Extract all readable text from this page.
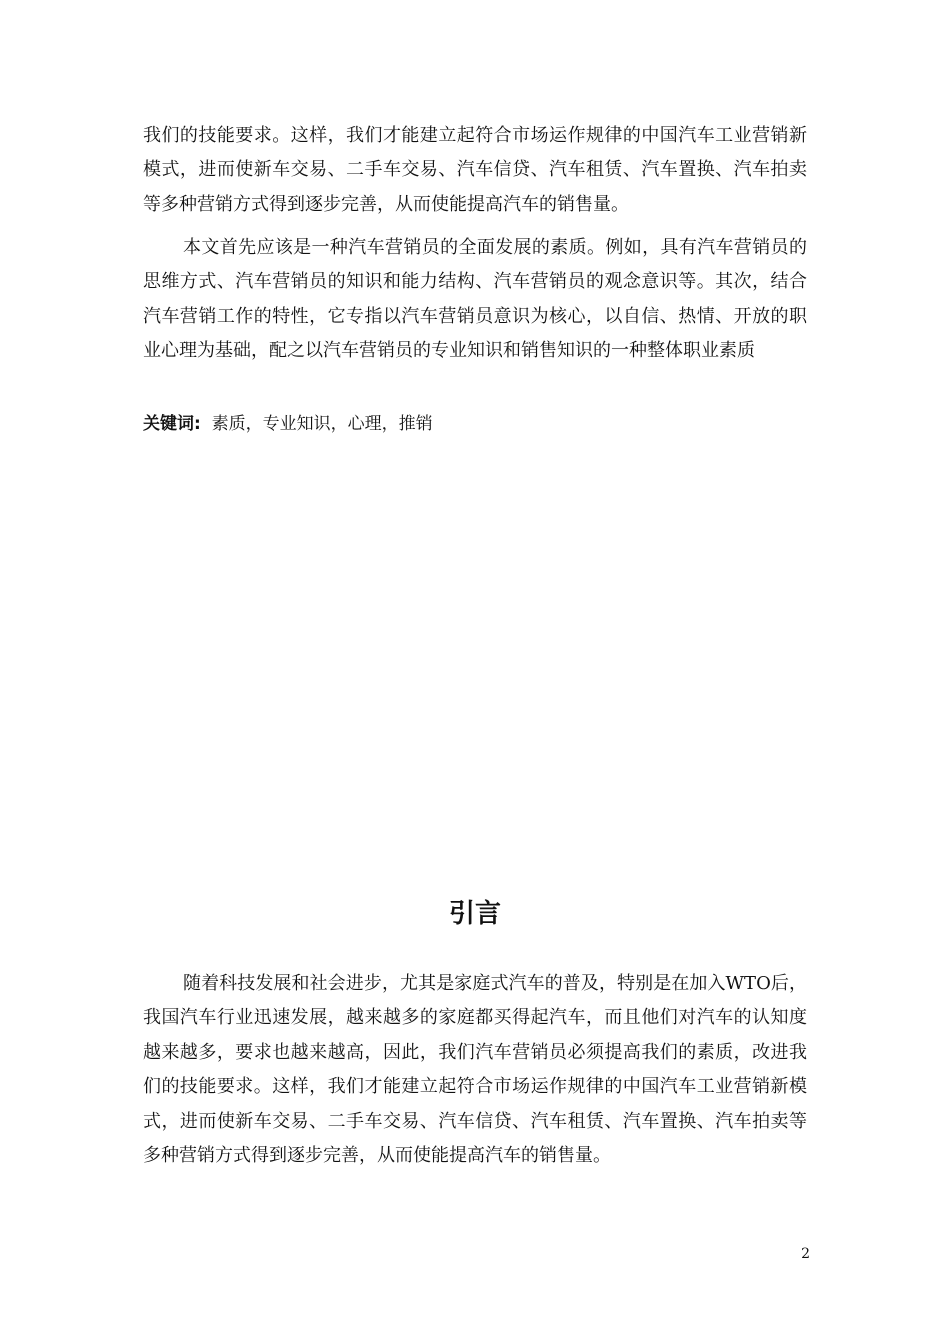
我们的技能要求。这样，我们才能建立起符合市场运作规律的中国汽车工业营销新模式，进而使新车交易、二手车交易、汽车信贷、汽车租赁、汽车置换、汽车拍卖等多种营销方式得到逐步完善，从而使能提高汽车的销售量。

本文首先应该是一种汽车营销员的全面发展的素质。例如，具有汽车营销员的思维方式、汽车营销员的知识和能力结构、汽车营销员的观念意识等。其次，结合汽车营销工作的特性，它专指以汽车营销员意识为核心，以自信、热情、开放的职业心理为基础，配之以汽车营销员的专业知识和销售知识的一种整体职业素质

关键词: 素质，专业知识，心理，推销

引言

随着科技发展和社会进步，尤其是家庭式汽车的普及，特别是在加入WTO后，我国汽车行业迅速发展，越来越多的家庭都买得起汽车，而且他们对汽车的认知度越来越多，要求也越来越高，因此，我们汽车营销员必须提高我们的素质，改进我们的技能要求。这样，我们才能建立起符合市场运作规律的中国汽车工业营销新模式，进而使新车交易、二手车交易、汽车信贷、汽车租赁、汽车置换、汽车拍卖等多种营销方式得到逐步完善，从而使能提高汽车的销售量。

2
